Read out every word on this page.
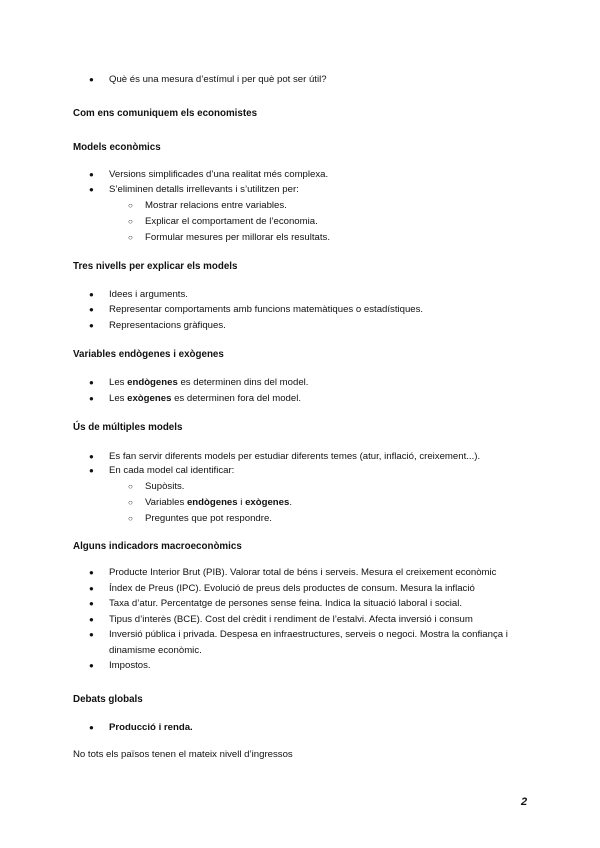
● Què és una mesura d’estímul i per què pot ser útil?
Com ens comuniquem els economistes
Models econòmics
● Versions simplificades d’una realitat més complexa.
● S’eliminen detalls irrellevants i s’utilitzen per:
○ Mostrar relacions entre variables.
○ Explicar el comportament de l’economia.
○ Formular mesures per millorar els resultats.
Tres nivells per explicar els models
● Idees i arguments.
● Representar comportaments amb funcions matemàtiques o estadístiques.
● Representacions gràfiques.
Variables endògenes i exògenes
● Les endògenes es determinen dins del model.
● Les exògenes es determinen fora del model.
Ús de múltiples models
● Es fan servir diferents models per estudiar diferents temes (atur, inflació, creixement...).
● En cada model cal identificar:
○ Supòsits.
○ Variables endògenes i exògenes.
○ Preguntes que pot respondre.
Alguns indicadors macroeconòmics
● Producte Interior Brut (PIB). Valorar total de béns i serveis. Mesura el creixement econòmic
● Índex de Preus (IPC). Evolució de preus dels productes de consum. Mesura la inflació
● Taxa d’atur. Percentatge de persones sense feina. Indica la situació laboral i social.
● Tipus d’interès (BCE). Cost del crèdit i rendiment de l’estalvi. Afecta inversió i consum
● Inversió pública i privada. Despesa en infraestructures, serveis o negoci. Mostra la confiança i
dinamisme econòmic.
● Impostos.
Debats globals
● Producció i renda.
No tots els països tenen el mateix nivell d’ingressos
2
